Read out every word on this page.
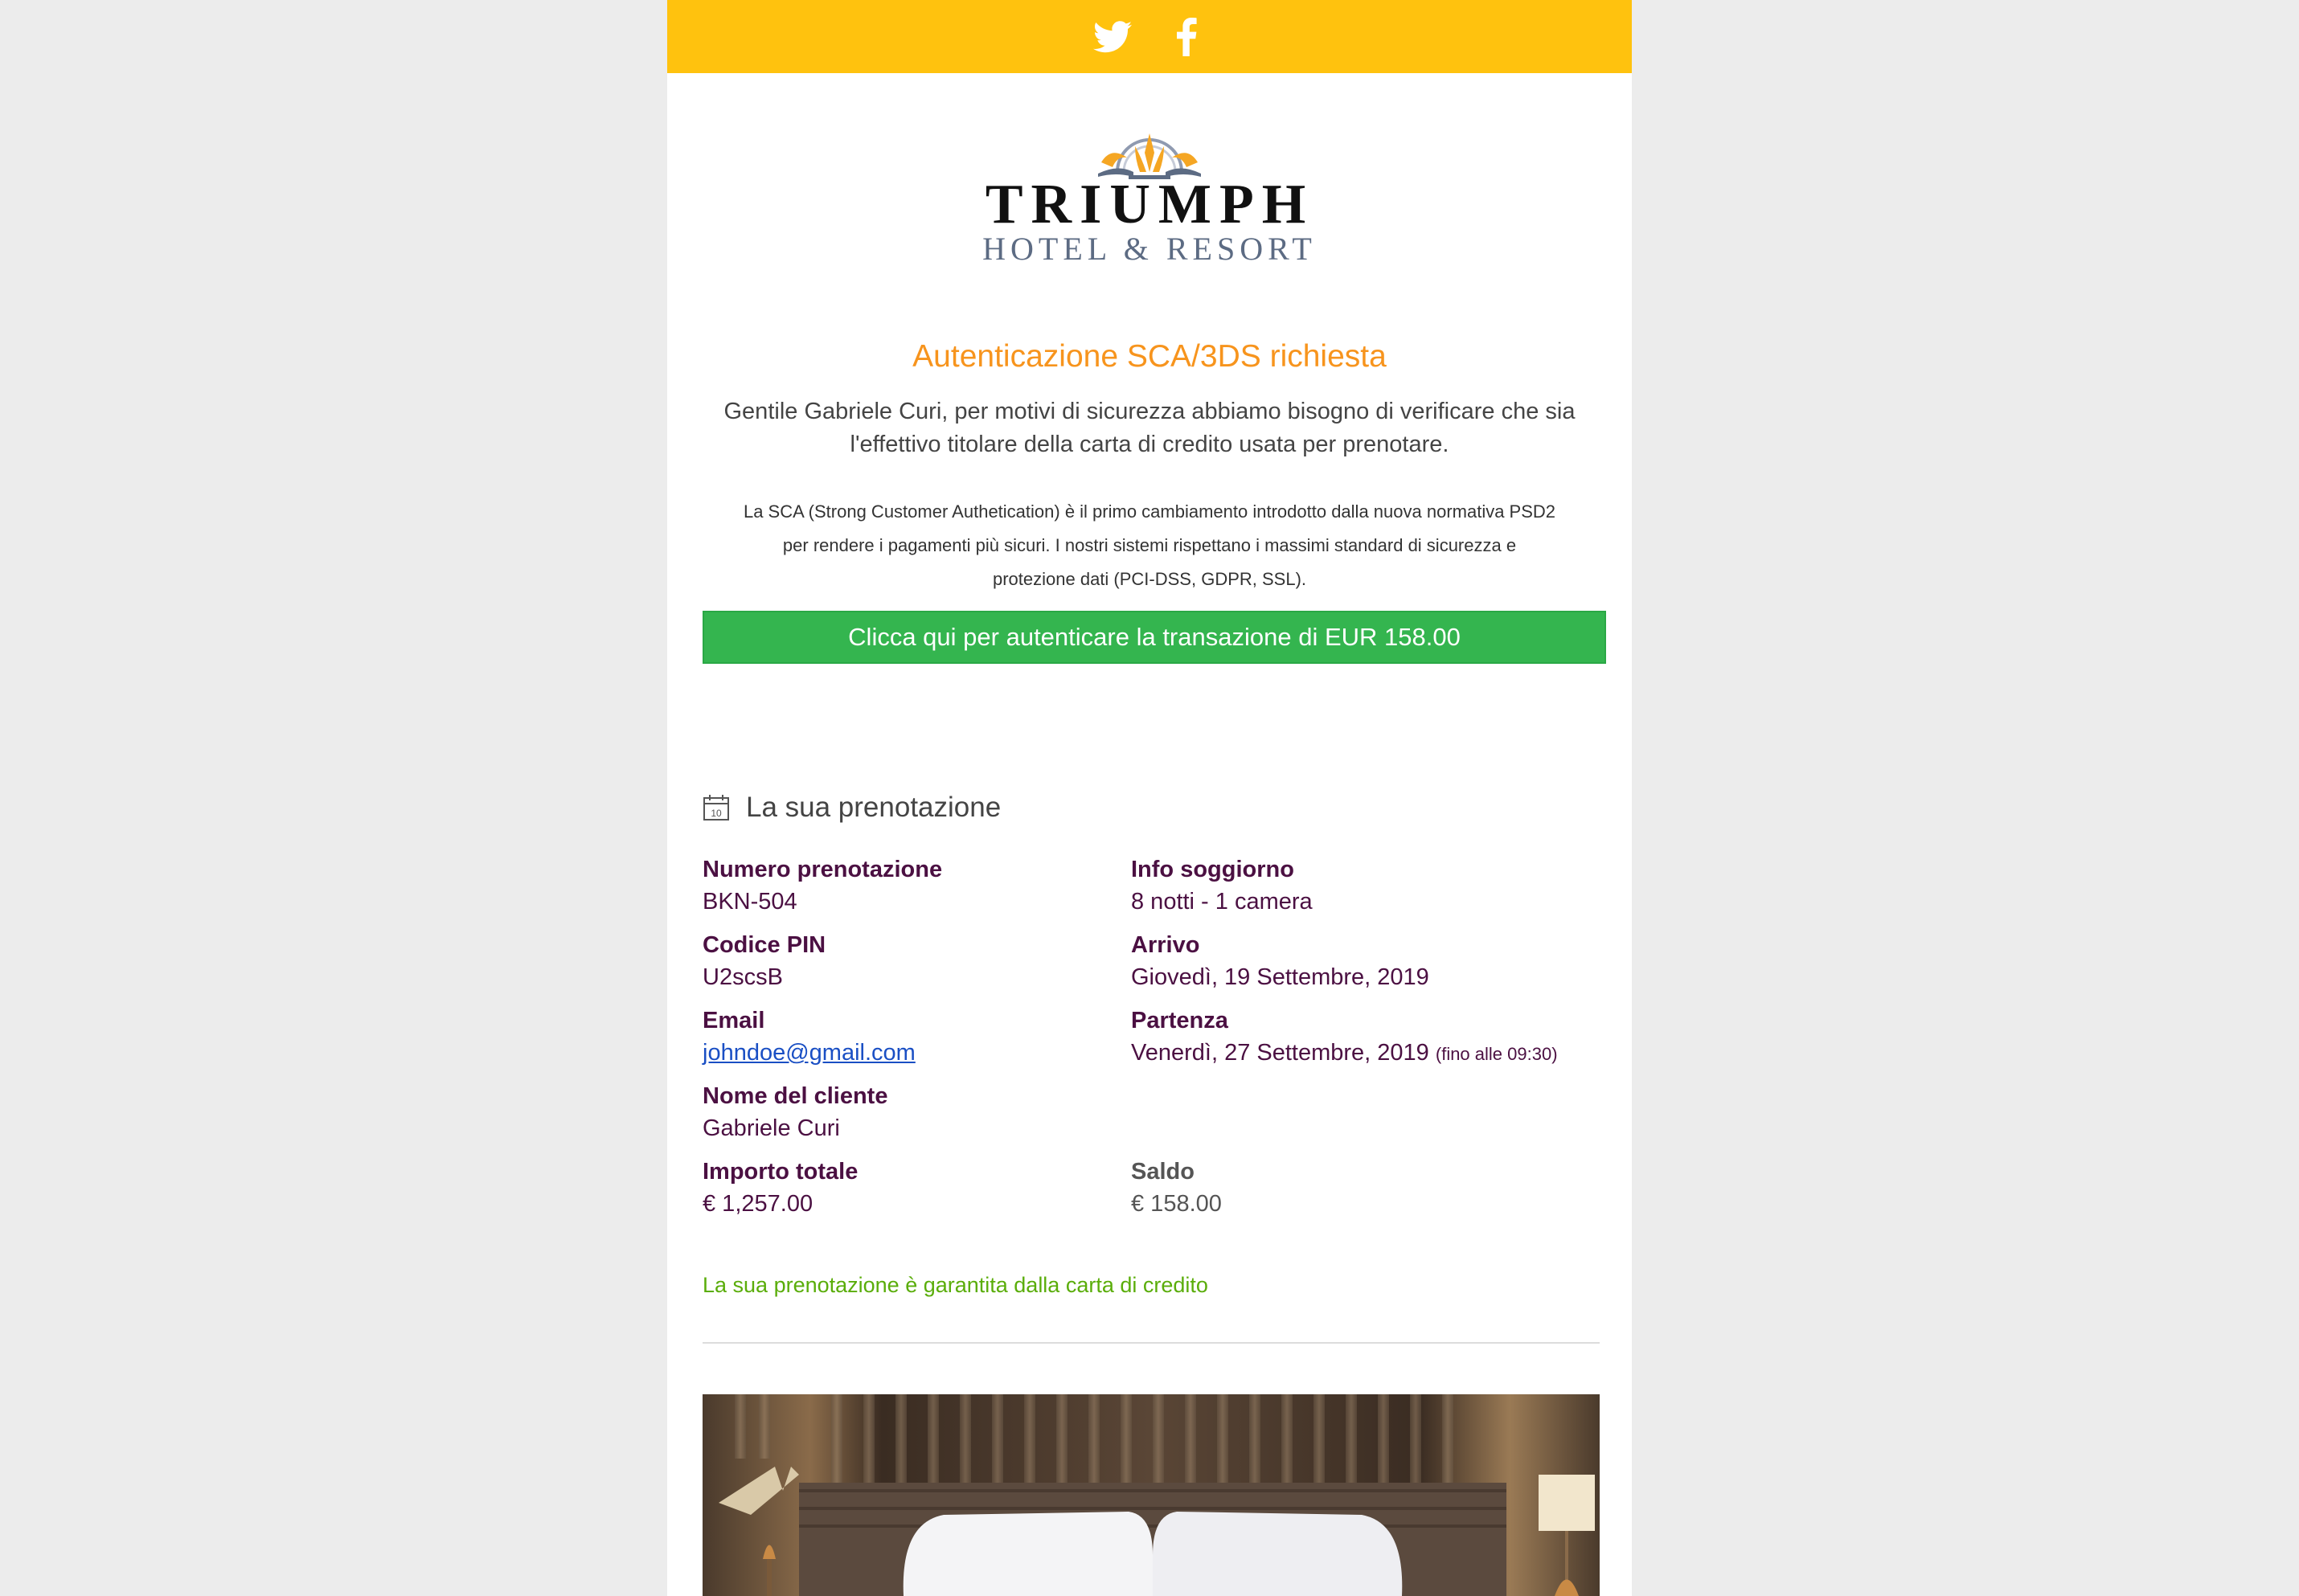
TRIUMPH
HOTEL & RESORT
Autenticazione SCA/3DS richiesta
Gentile Gabriele Curi, per motivi di sicurezza abbiamo bisogno di verificare che sia
l'effettivo titolare della carta di credito usata per prenotare.
La SCA (Strong Customer Authetication) è il primo cambiamento introdotto dalla nuova normativa PSD2
per rendere i pagamenti più sicuri. I nostri sistemi rispettano i massimi standard di sicurezza e
protezione dati (PCI-DSS, GDPR, SSL).
Clicca qui per autenticare la transazione di EUR 158.00
10 La sua prenotazione
Numero prenotazione
BKN-504
Codice PIN
U2scsB
Email
johndoe@gmail.com
Nome del cliente
Gabriele Curi
Importo totale
€ 1,257.00
Info soggiorno
8 notti - 1 camera
Arrivo
Giovedì, 19 Settembre, 2019
Partenza
Venerdì, 27 Settembre, 2019 (fino alle 09:30)
Saldo
€ 158.00
La sua prenotazione è garantita dalla carta di credito
